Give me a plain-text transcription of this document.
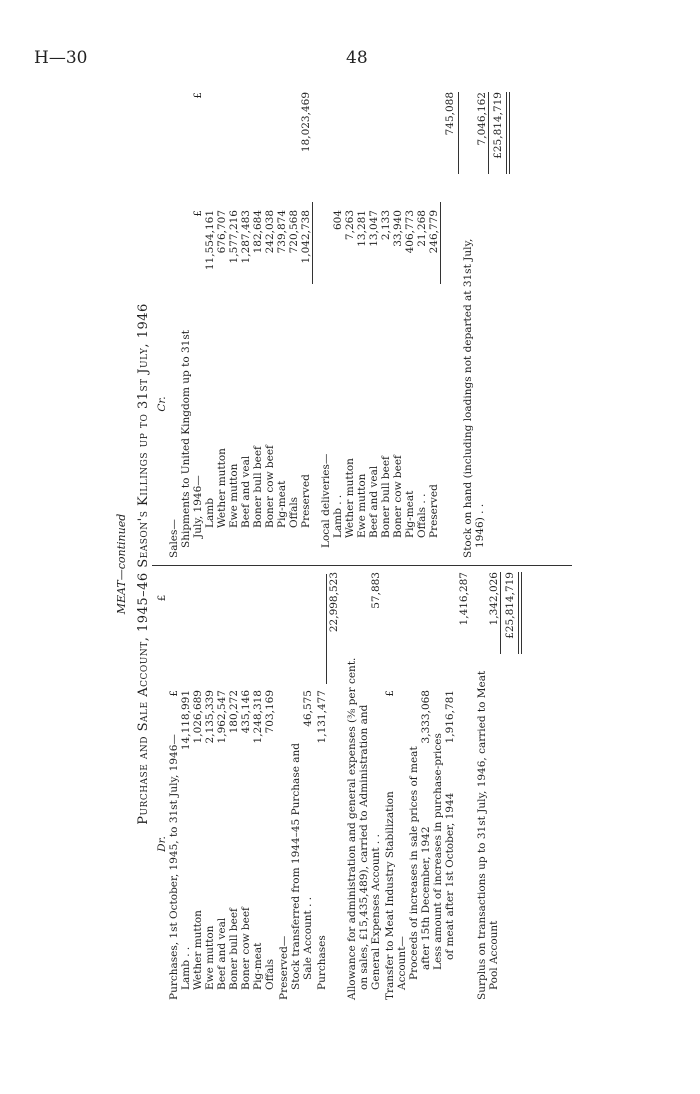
H—30	48
MEAT—continued Purchase and Sale Account, 1945–46 Season's Killings up to 31st July, 1946
Dr.
£
Purchases, 1st October, 1945, to 31st July, 1946—
£
Lamb . .
14,118,991
Wether mutton
1,026,689
Ewe mutton
2,135,339
Beef and veal
1,962,547
Boner bull beef
180,272
Boner cow beef
435,146
Pig-meat
1,248,318
Offals
703,169
Preserved— Stock transferred from 1944–45 Purchase and Sale Account . .
46,575
Purchases
1,131,477
22,998,523
Allowance for administration and general expenses (⅜ per cent. on sales, £15,435,489), carried to Administration and General Expenses Account . .
57,883
Transfer to Meat Industry Stabilization
£
Account— Proceeds of increases in sale prices of meat after 15th December, 1942
3,333,068
Less amount of increases in purchase-prices of meat after 1st October, 1944
1,916,781
1,416,287
Surplus on transactions up to 31st July, 1946, carried to Meat Pool Account
1,342,026 £25,814,719
Cr.
Sales— Shipments to United Kingdom up to 31st
£
£
July, 1946— Lamb
11,554,161
Wether mutton
676,707
Ewe mutton
1,577,216
Beef and veal
1,287,483
Boner bull beef
182,684
Boner cow beef
242,038
Pig-meat
739,874
Offals
720,568
Preserved
1,042,738
18,023,469
Local deliveries— Lamb . .
604
Wether mutton
7,263
Ewe mutton
13,281
Beef and veal
13,047
Boner bull beef
2,133
Boner cow beef
33,940
Pig-meat
406,773
Offals . .
21,268
Preserved
246,779
745,088
Stock on hand (including loadings not departed at 31st July, 1946) . .
7,046,162 £25,814,719
